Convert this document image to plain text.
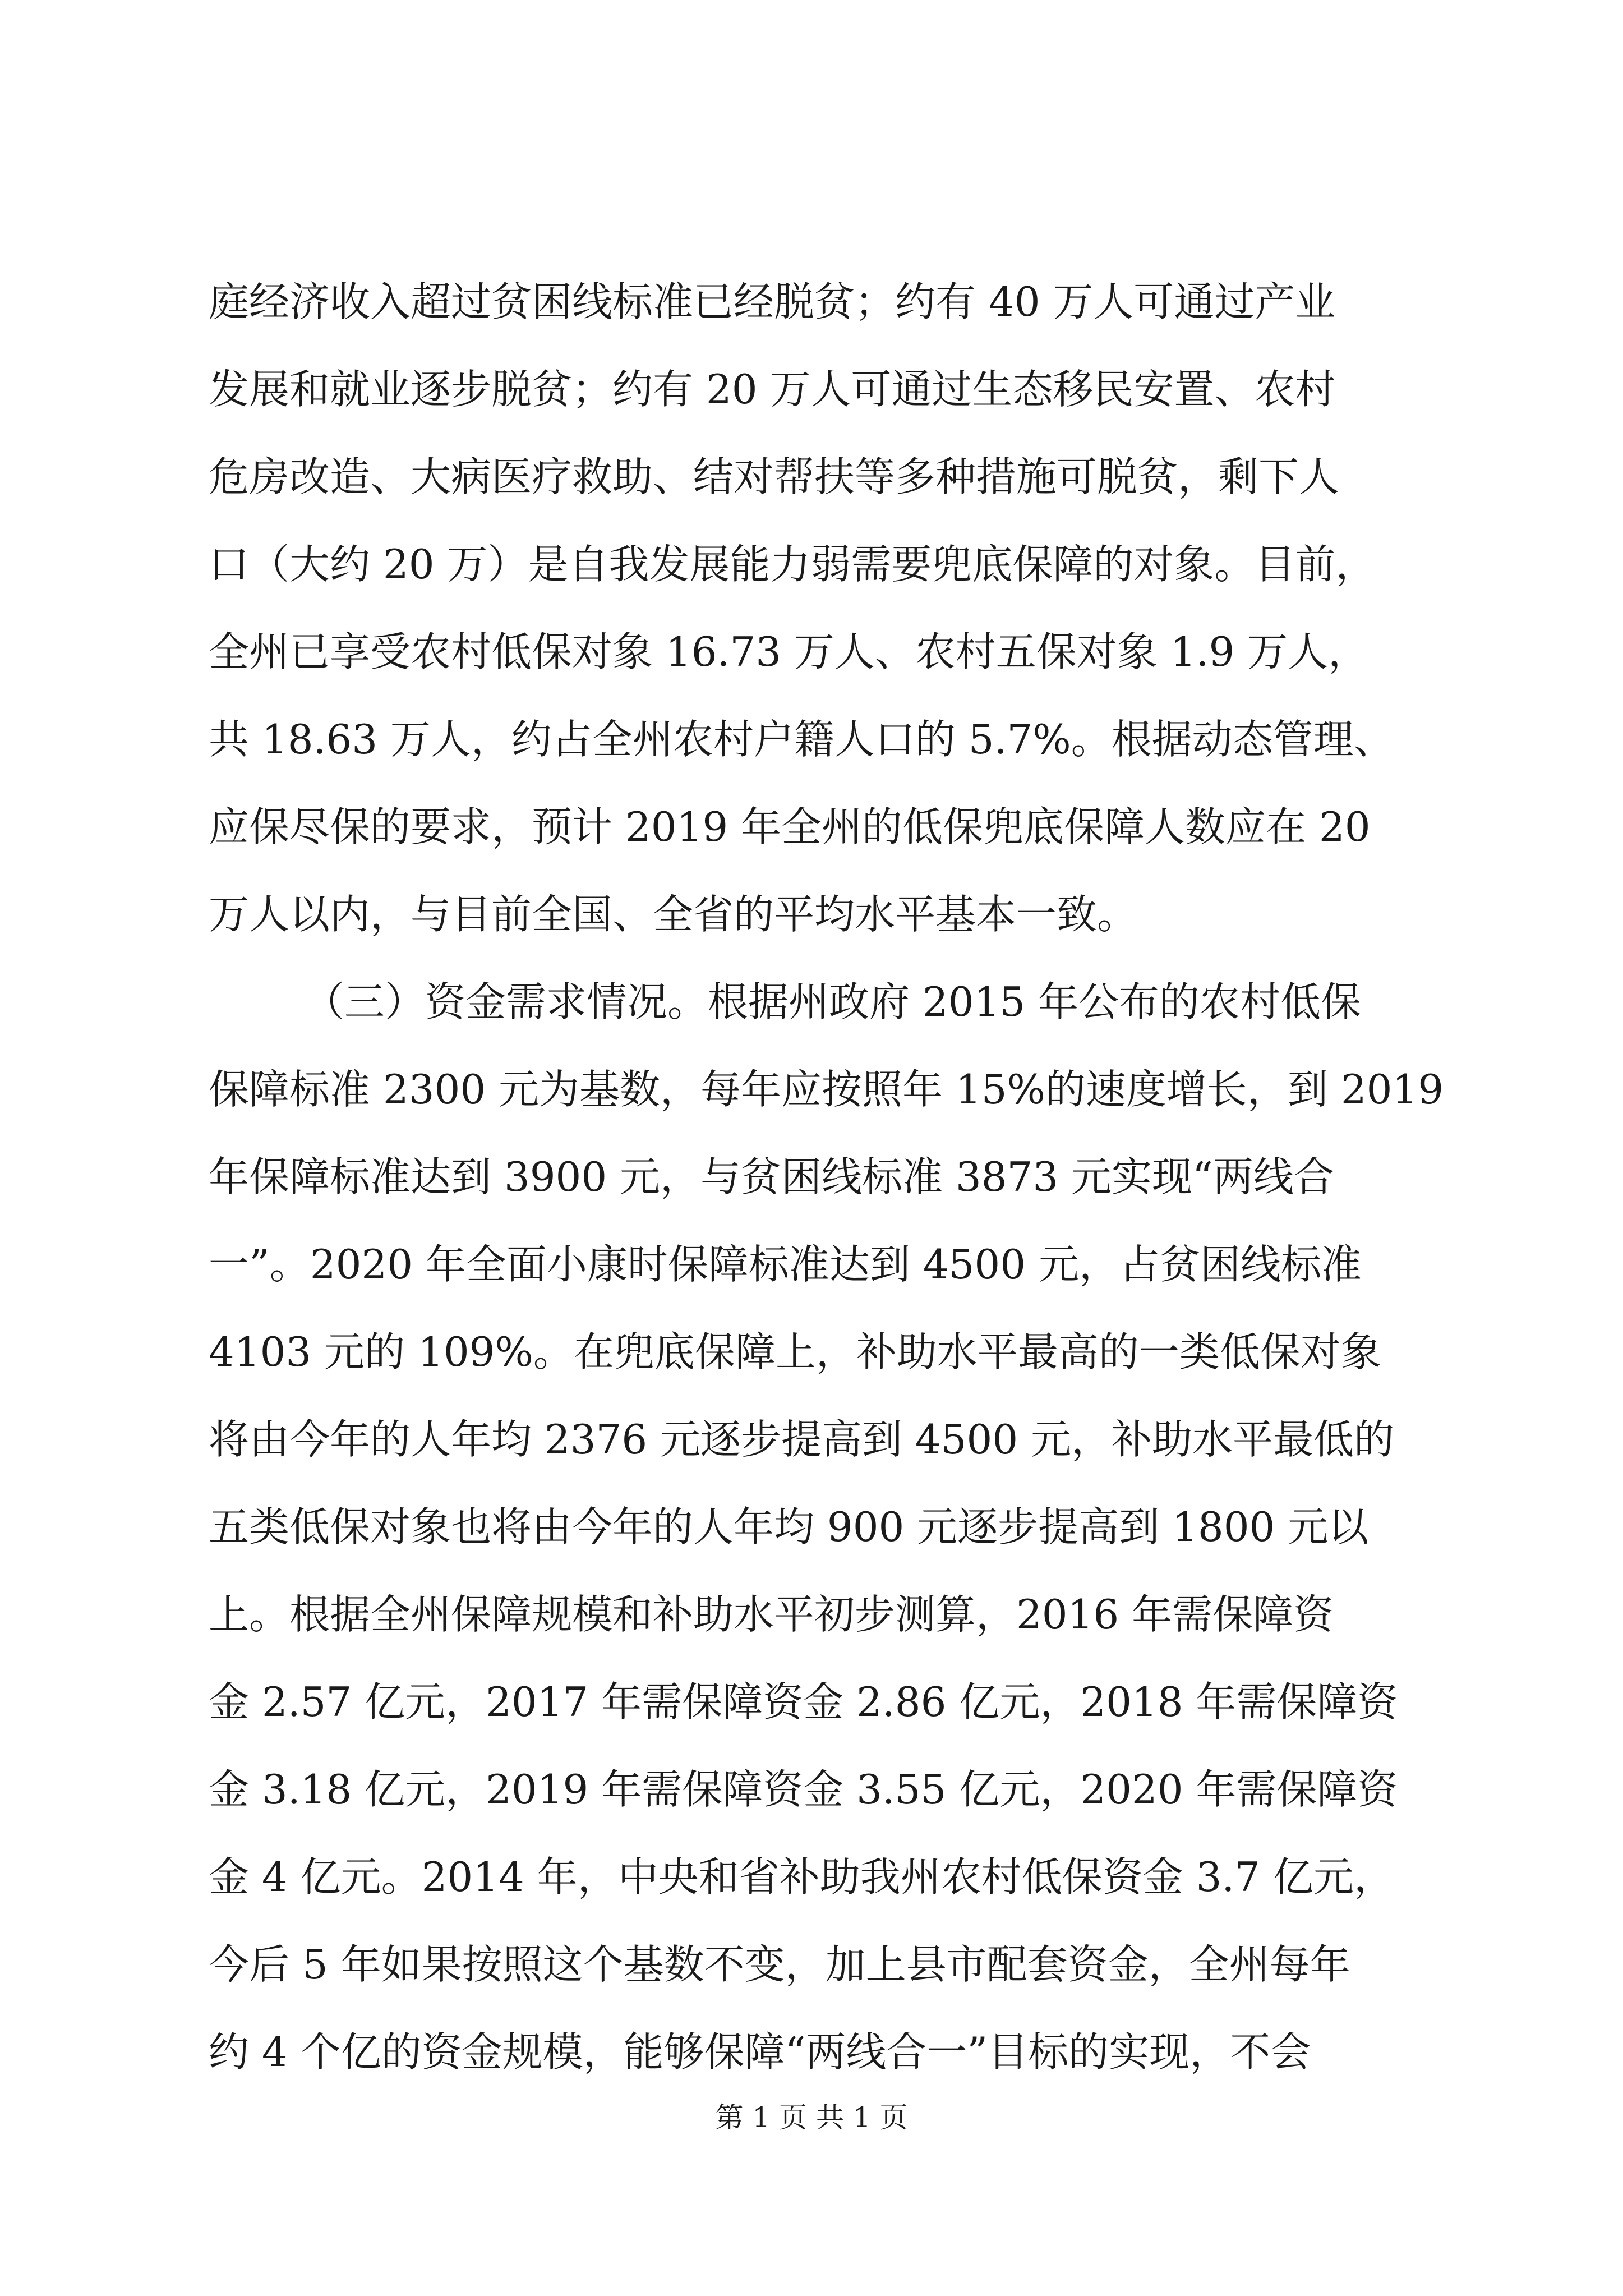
庭经济收入超过贫困线标准已经脱贫；约有 40 万人可通过产业
发展和就业逐步脱贫；约有 20 万人可通过生态移民安置、农村
危房改造、大病医疗救助、结对帮扶等多种措施可脱贫，剩下人
口（大约 20 万）是自我发展能力弱需要兜底保障的对象。目前，
全州已享受农村低保对象 16.73 万人、农村五保对象 1.9 万人，
共 18.63 万人，约占全州农村户籍人口的 5.7%。根据动态管理、
应保尽保的要求，预计 2019 年全州的低保兜底保障人数应在 20
万人以内，与目前全国、全省的平均水平基本一致。
（三）资金需求情况。根据州政府 2015 年公布的农村低保
保障标准 2300 元为基数，每年应按照年 15%的速度增长，到 2019
年保障标准达到 3900 元，与贫困线标准 3873 元实现“两线合
一”。2020 年全面小康时保障标准达到 4500 元，占贫困线标准
4103 元的 109%。在兜底保障上，补助水平最高的一类低保对象
将由今年的人年均 2376 元逐步提高到 4500 元，补助水平最低的
五类低保对象也将由今年的人年均 900 元逐步提高到 1800 元以
上。根据全州保障规模和补助水平初步测算，2016 年需保障资
金 2.57 亿元，2017 年需保障资金 2.86 亿元，2018 年需保障资
金 3.18 亿元，2019 年需保障资金 3.55 亿元，2020 年需保障资
金 4 亿元。2014 年，中央和省补助我州农村低保资金 3.7 亿元，
今后 5 年如果按照这个基数不变，加上县市配套资金，全州每年
约 4 个亿的资金规模，能够保障“两线合一”目标的实现，不会
第 1 页 共 1 页
